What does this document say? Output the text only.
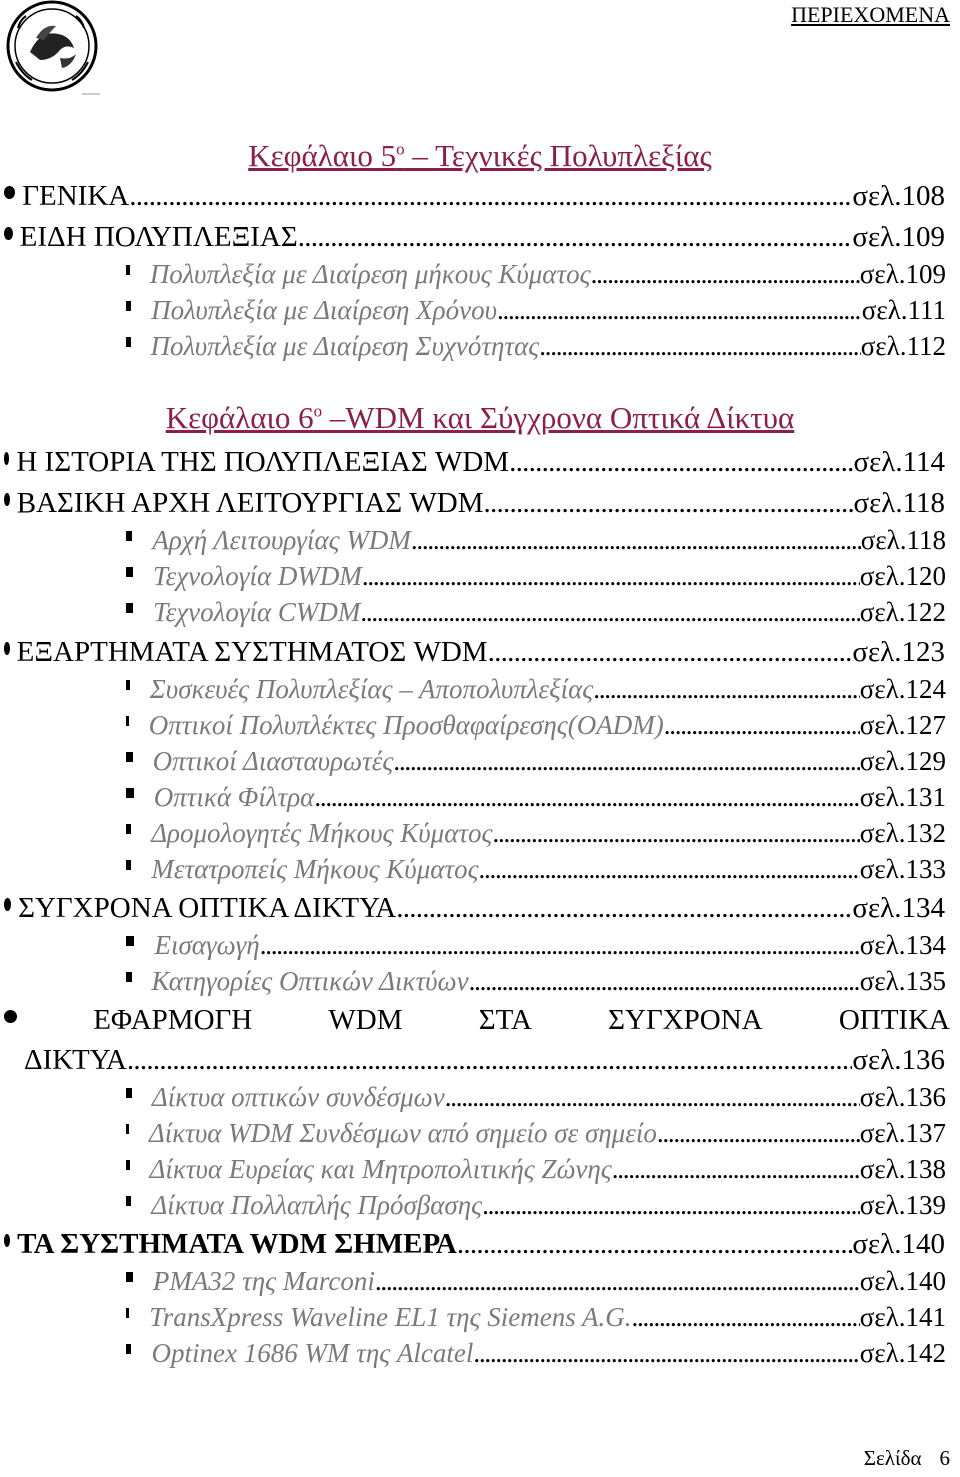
ΠΕΡΙΕΧΟΜΕΝΑ
Κεφάλαιο $5^o$ – Τεχνικές Πολυπλεξίας
ΓΕΝΙΚΑ . . .	σελ.108
ΕΙΔΗ ΠΟΛΥΠΛΕΞΙΑΣ . . .	σελ.109
Πολυπλεξία με Διαίρεση μήκους Κύματος . . .	σελ.109
Πολυπλεξία με Διαίρεση Χρόνου . . .	σελ.111
Πολυπλεξία με Διαίρεση Συχνότητας . . .	σελ.112
Κεφάλαιο $6^o$ –WDM και Σύγχρονα Οπτικά Δίκτυα
Η ΙΣΤΟΡΙΑ ΤΗΣ ΠΟΛΥΠΛΕΞΙΑΣ WDM . . .	σελ.114
ΒΑΣΙΚΗ ΑΡΧΗ ΛΕΙΤΟΥΡΓΙΑΣ WDM . . .	σελ.118
Αρχή Λειτουργίας WDM . . .	σελ.118
Τεχνολογία DWDM . . .	σελ.120
Τεχνολογία CWDM . . .	σελ.122
ΕΞΑΡΤΗΜΑΤΑ ΣΥΣΤΗΜΑΤΟΣ WDM . . .	σελ.123
Συσκευές Πολυπλεξίας – Αποπολυπλεξίας . . .	σελ.124
Οπτικοί Πολυπλέκτες Προσθαφαίρεσης(OADM) . . .	σελ.127
Οπτικοί Διασταυρωτές . . .	σελ.129
Οπτικά Φίλτρα . . .	σελ.131
Δρομολογητές Μήκους Κύματος . . .	σελ.132
Μετατροπείς Μήκους Κύματος . . .	σελ.133
ΣΥΓΧΡΟΝΑ ΟΠΤΙΚΑ ΔΙΚΤΥΑ . . .	σελ.134
Εισαγωγή . . .	σελ.134
Κατηγορίες Οπτικών Δικτύων . . .	σελ.135
ΕΦΑΡΜΟΓΗ	WDM	ΣΤΑ	ΣΥΓΧΡΟΝΑ	ΟΠΤΙΚΑ
ΔΙΚΤΥΑ . . .	σελ.136
Δίκτυα οπτικών συνδέσμων . . .	σελ.136
Δίκτυα WDM Συνδέσμων από σημείο σε σημείο . . .	σελ.137
Δίκτυα Ευρείας και Μητροπολιτικής Ζώνης . . .	σελ.138
Δίκτυα Πολλαπλής Πρόσβασης . . .	σελ.139
ΤΑ ΣΥΣΤΗΜΑΤΑ WDM ΣΗΜΕΡΑ . . .	σελ.140
PMA32 της Marconi . . .	σελ.140
TransXpress Waveline EL1 της Siemens A.G. . . .	σελ.141
Optinex 1686 WM της Alcatel . . .	σελ.142
Σελίδα 6
